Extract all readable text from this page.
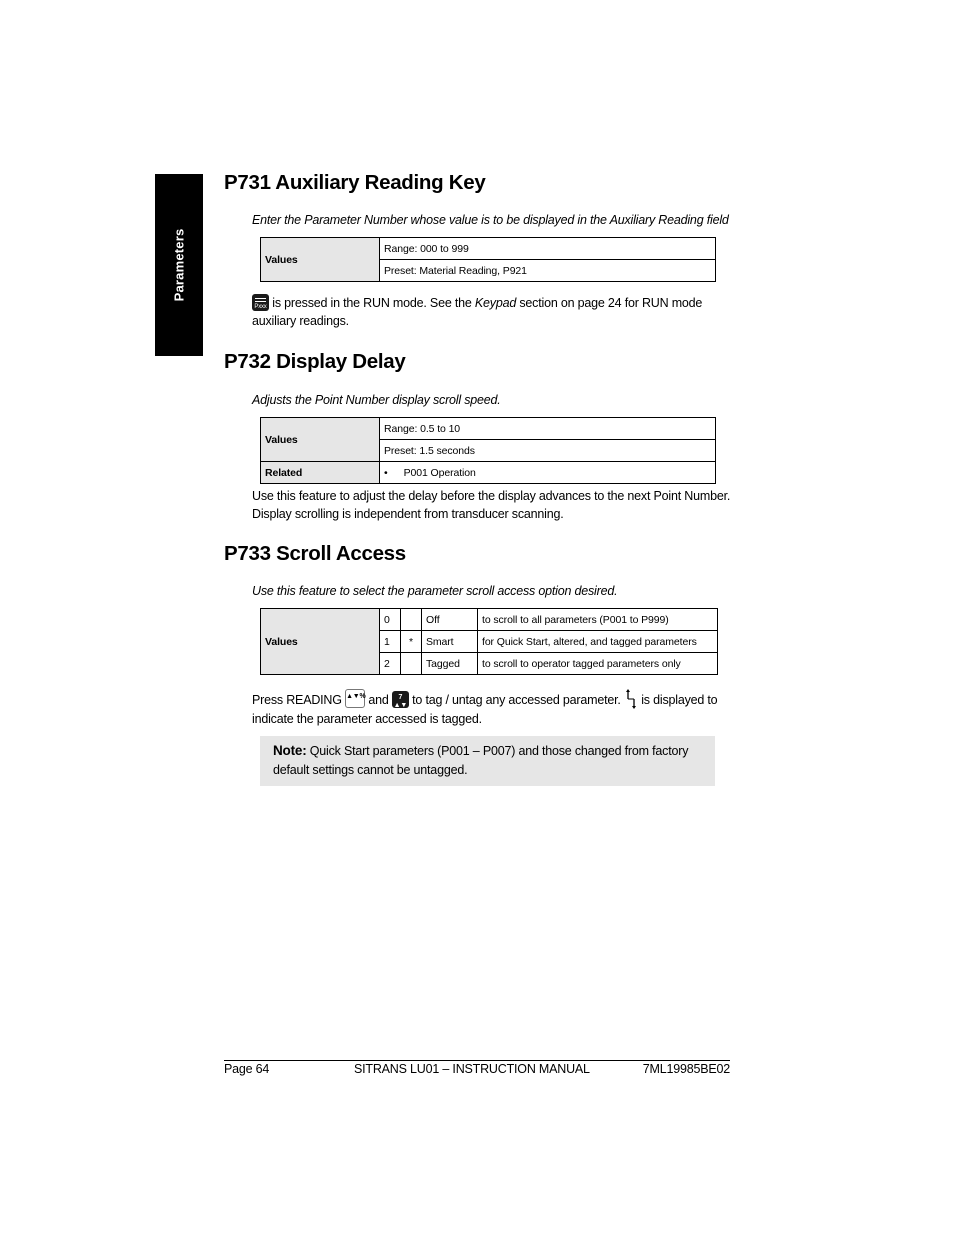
Parameters
P731 Auxiliary Reading Key

Enter the Parameter Number whose value is to be displayed in the Auxiliary Reading field

Values	Range: 000 to 999
Preset: Material Reading, P921

Pxxx is pressed in the RUN mode. See the Keypad section on page 24 for RUN mode auxiliary readings.

P732 Display Delay

Adjusts the Point Number display scroll speed.

Values	Range: 0.5 to 10
	Preset: 1.5 seconds
Related	• P001 Operation

Use this feature to adjust the delay before the display advances to the next Point Number. Display scrolling is independent from transducer scanning.

P733 Scroll Access

Use this feature to select the parameter scroll access option desired.

Values	0		Off	to scroll to all parameters (P001 to P999)
	1	*	Smart	for Quick Start, altered, and tagged parameters
	2		Tagged	to scroll to operator tagged parameters only

Press READING ▲▼% and 7 ▲▼ to tag / untag any accessed parameter.  is displayed to indicate the parameter accessed is tagged.

Note: Quick Start parameters (P001 – P007) and those changed from factory default settings cannot be untagged.
Page 64	SITRANS LU01 – INSTRUCTION MANUAL	7ML19985BE02
